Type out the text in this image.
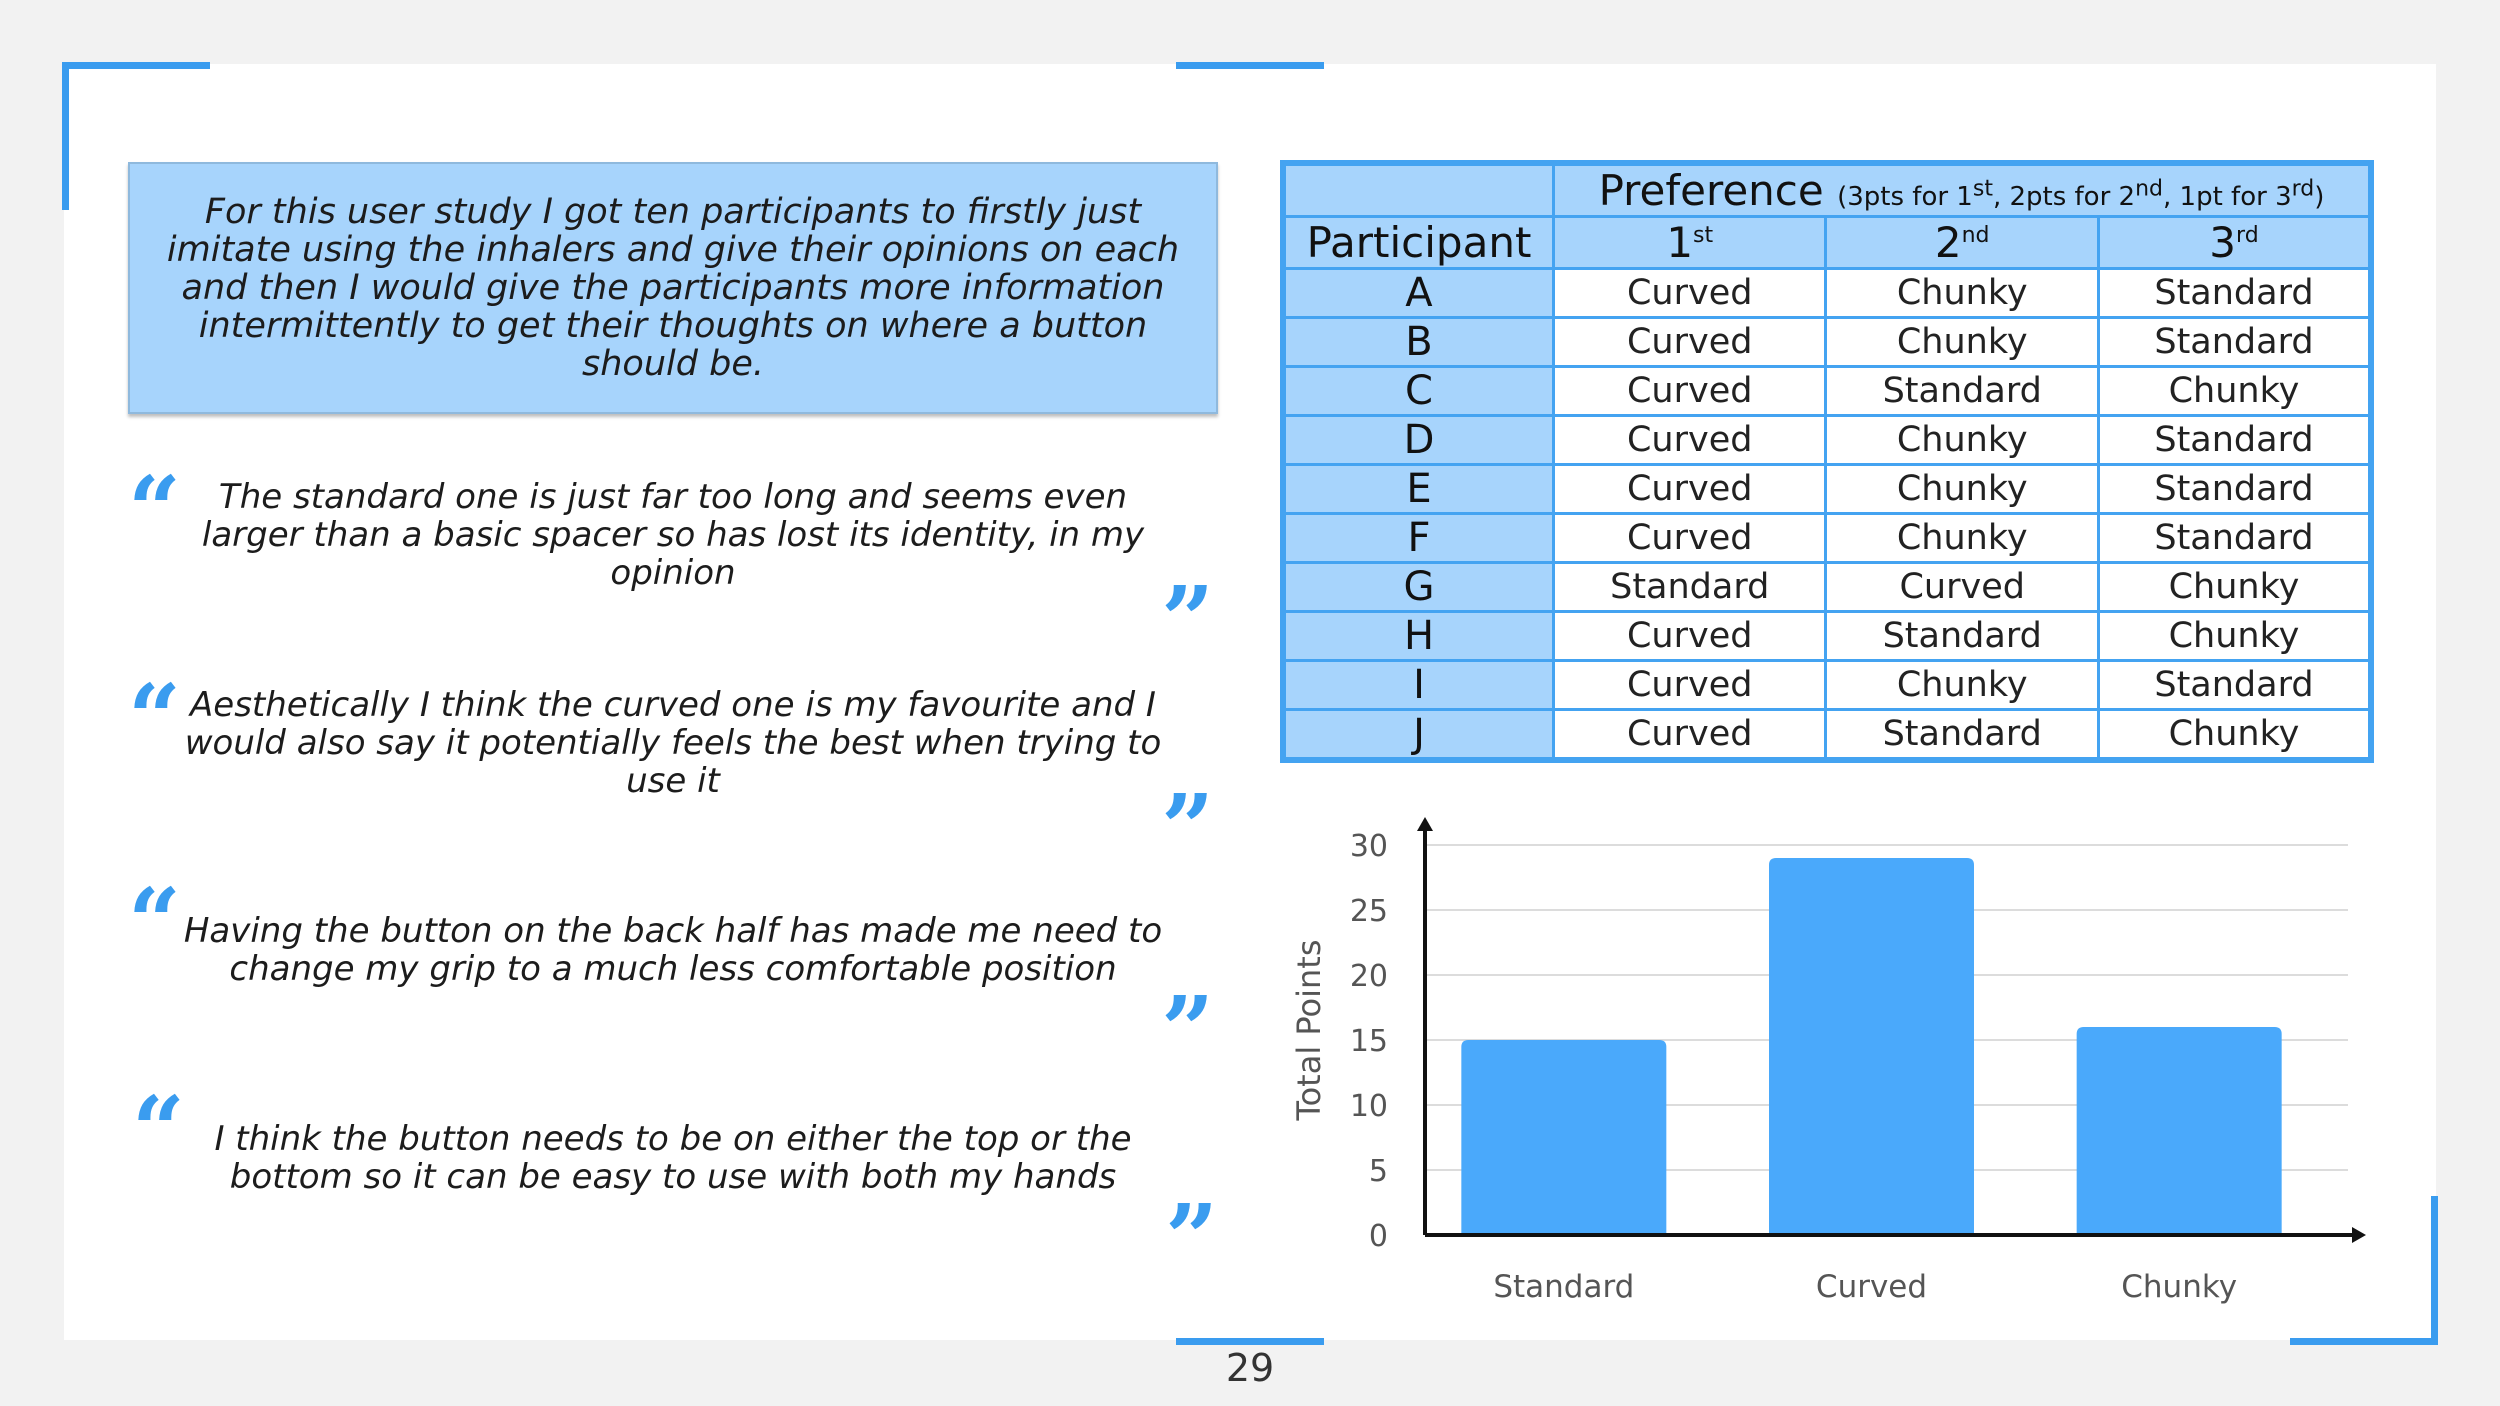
For this user study I got ten participants to firstly just imitate using the inhalers and give their opinions on each and then I would give the participants more information intermittently to get their thoughts on where a button should be.

“	The standard one is just far too long and seems even larger than a basic spacer so has lost its identity, in my opinion	”
“ Aesthetically I think the curved one is my favourite and I would also say it potentially feels the best when trying to use it	”
“ Having the button on the back half has made me need to change my grip to a much less comfortable position

”
“ I think the button needs to be on either the top or the bottom so it can be easy to use with both my hands

”
	Preference (3pts for 1st, 2pts for 2nd, 1pt for 3rd)		
Participant	1st	2nd	3rd
A	Curved	Chunky	Standard
B	Curved	Chunky	Standard
C	Curved	Standard	Chunky
D	Curved	Chunky	Standard
E	Curved	Chunky	Standard
F	Curved	Chunky	Standard
G	Standard	Curved	Chunky
H	Curved	Standard	Chunky
I	Curved	Chunky	Standard
J	Curved	Standard	Chunky
0
5
10
15
20
25
30
Standard	Curved	Chunky
Total Points
29
